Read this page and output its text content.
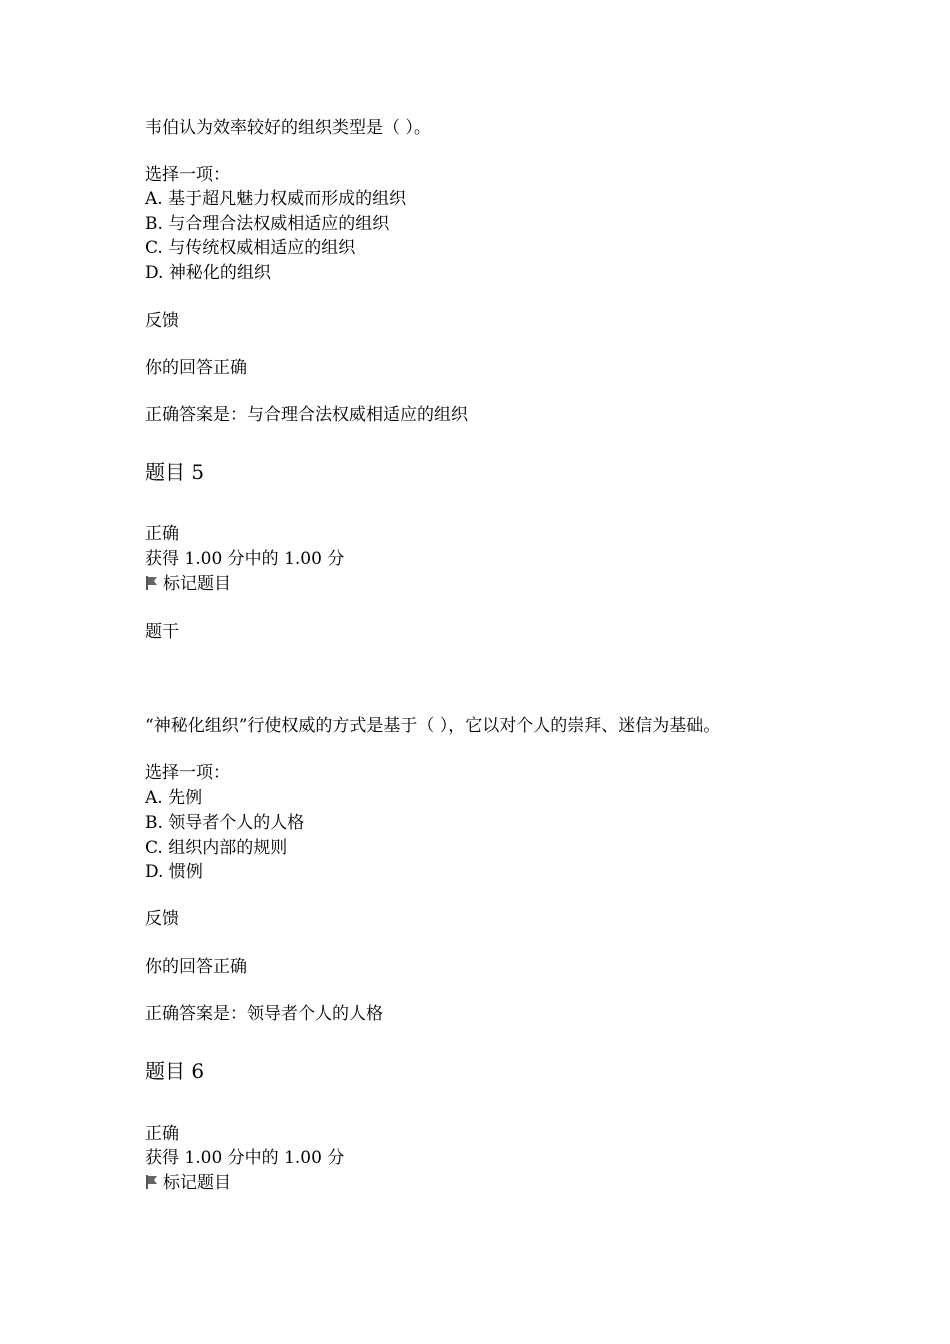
韦伯认为效率较好的组织类型是（ ）。
选择一项：
A. 基于超凡魅力权威而形成的组织
B. 与合理合法权威相适应的组织
C. 与传统权威相适应的组织
D. 神秘化的组织
反馈
你的回答正确
正确答案是：与合理合法权威相适应的组织
题目 5
正确
获得 1.00 分中的 1.00 分
标记题目
题干
“神秘化组织”行使权威的方式是基于（ ），它以对个人的崇拜、迷信为基础。
选择一项：
A. 先例
B. 领导者个人的人格
C. 组织内部的规则
D. 惯例
反馈
你的回答正确
正确答案是：领导者个人的人格
题目 6
正确
获得 1.00 分中的 1.00 分
标记题目
